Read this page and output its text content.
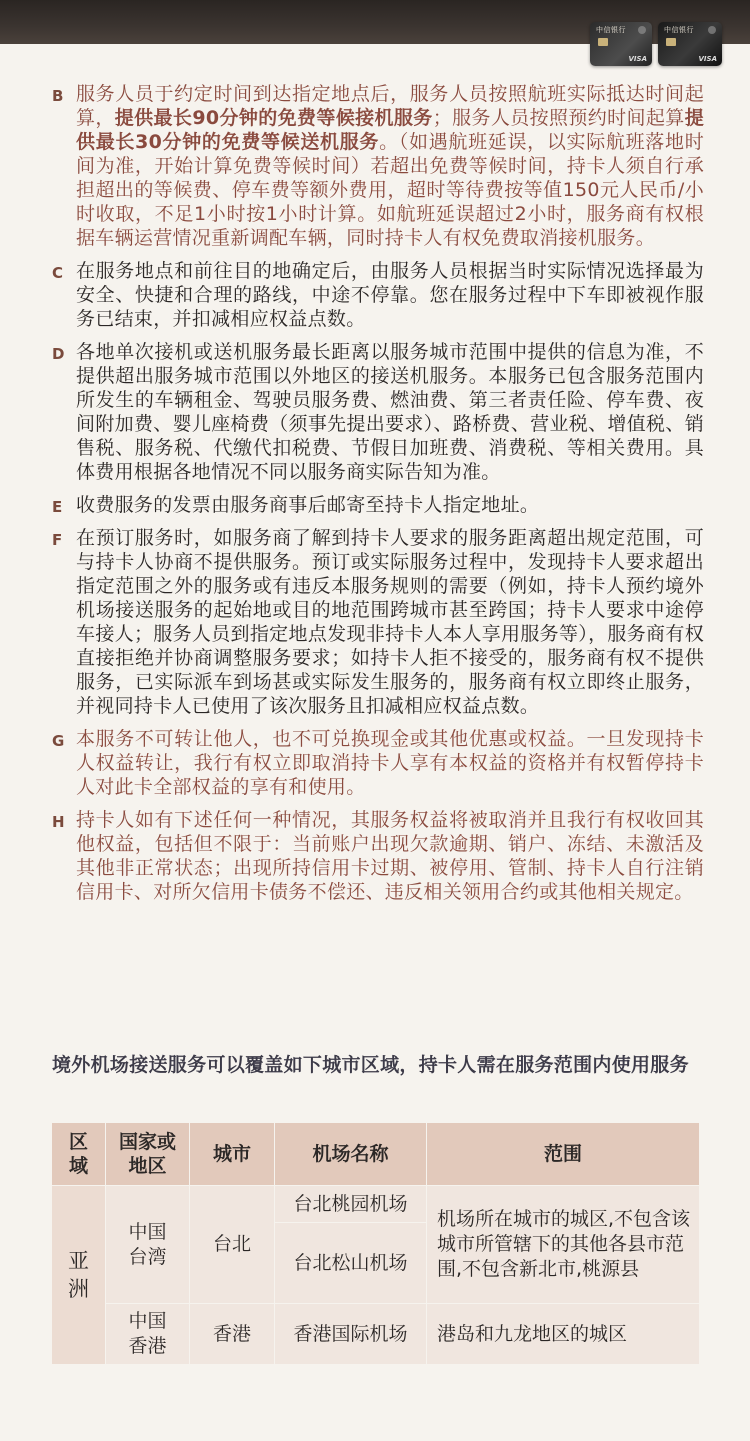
中信银行
VISA
中信银行
VISA
B 服务人员于约定时间到达指定地点后，服务人员按照航班实际抵达时间起算，提供最长90分钟的免费等候接机服务；服务人员按照预约时间起算提供最长30分钟的免费等候送机服务。（如遇航班延误，以实际航班落地时间为准，开始计算免费等候时间）若超出免费等候时间，持卡人须自行承担超出的等候费、停车费等额外费用，超时等待费按等值150元人民币/小时收取，不足1小时按1小时计算。如航班延误超过2小时，服务商有权根据车辆运营情况重新调配车辆，同时持卡人有权免费取消接机服务。
C 在服务地点和前往目的地确定后，由服务人员根据当时实际情况选择最为安全、快捷和合理的路线，中途不停靠。您在服务过程中下车即被视作服务已结束，并扣减相应权益点数。
D 各地单次接机或送机服务最长距离以服务城市范围中提供的信息为准，不提供超出服务城市范围以外地区的接送机服务。本服务已包含服务范围内所发生的车辆租金、驾驶员服务费、燃油费、第三者责任险、停车费、夜间附加费、婴儿座椅费（须事先提出要求）、路桥费、营业税、增值税、销售税、服务税、代缴代扣税费、节假日加班费、消费税、等相关费用。具体费用根据各地情况不同以服务商实际告知为准。
E 收费服务的发票由服务商事后邮寄至持卡人指定地址。
F 在预订服务时，如服务商了解到持卡人要求的服务距离超出规定范围，可与持卡人协商不提供服务。预订或实际服务过程中，发现持卡人要求超出指定范围之外的服务或有违反本服务规则的需要（例如，持卡人预约境外机场接送服务的起始地或目的地范围跨城市甚至跨国；持卡人要求中途停车接人；服务人员到指定地点发现非持卡人本人享用服务等），服务商有权直接拒绝并协商调整服务要求；如持卡人拒不接受的，服务商有权不提供服务，已实际派车到场甚或实际发生服务的，服务商有权立即终止服务，并视同持卡人已使用了该次服务且扣减相应权益点数。
G 本服务不可转让他人，也不可兑换现金或其他优惠或权益。一旦发现持卡人权益转让，我行有权立即取消持卡人享有本权益的资格并有权暂停持卡人对此卡全部权益的享有和使用。
H 持卡人如有下述任何一种情况，其服务权益将被取消并且我行有权收回其他权益，包括但不限于：当前账户出现欠款逾期、销户、冻结、未激活及其他非正常状态；出现所持信用卡过期、被停用、管制、持卡人自行注销信用卡、对所欠信用卡债务不偿还、违反相关领用合约或其他相关规定。
境外机场接送服务可以覆盖如下城市区域，持卡人需在服务范围内使用服务
区域	国家或地区	城市	机场名称	范围
亚洲	中国台湾	台北	台北桃园机场	机场所在城市的城区,不包含该城市所管辖下的其他各县市范围,不包含新北市,桃源县
			台北松山机场	
	中国香港	香港	香港国际机场	港岛和九龙地区的城区
